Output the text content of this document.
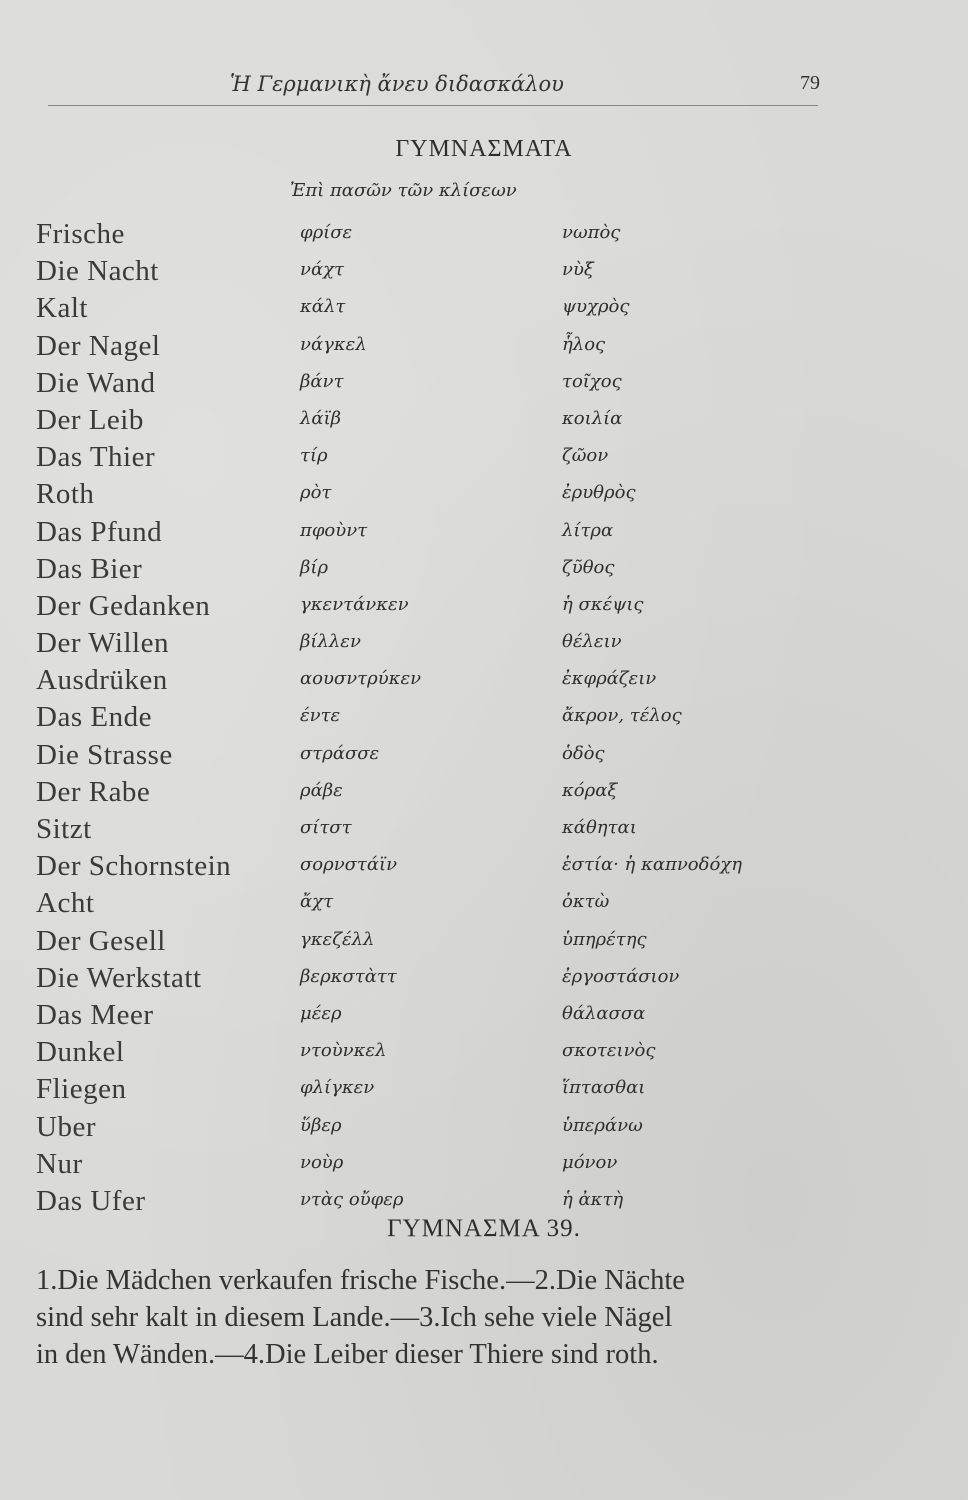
Ἡ Γερμανικὴ ἄνευ διδασκάλου	79
ΓΥΜΝΑΣΜΑΤΑ
Ἐπὶ πασῶν τῶν κλίσεων
Frische	φρίσε	νωπὸς
Die Nacht	νάχτ	νὺξ
Kalt	κάλτ	ψυχρὸς
Der Nagel	νάγκελ	ἧλος
Die Wand	βάντ	τοῖχος
Der Leib	λάϊβ	κοιλία
Das Thier	τίρ	ζῶον
Roth	ρὸτ	ἐρυθρὸς
Das Pfund	πφοὺντ	λίτρα
Das Bier	βίρ	ζῦθος
Der Gedanken	γκεντάνκεν	ἡ σκέψις
Der Willen	βίλλεν	θέλειν
Ausdrüken	αουσντρύκεν	ἐκφράζειν
Das Ende	έντε	ἄκρον, τέλος
Die Strasse	στράσσε	ὁδὸς
Der Rabe	ράβε	κόραξ
Sitzt	σίτστ	κάθηται
Der Schornstein	σορνστάϊν	ἑστία· ἡ καπνοδόχη
Acht	ἄχτ	ὀκτὼ
Der Gesell	γκεζέλλ	ὑπηρέτης
Die Werkstatt	βερκστὰττ	ἐργοστάσιον
Das Meer	μέερ	θάλασσα
Dunkel	ντοὺνκελ	σκοτεινὸς
Fliegen	φλίγκεν	ἵπτασθαι
Uber	ὕβερ	ὑπεράνω
Nur	νοὺρ	μόνον
Das Ufer	ντὰς οὔφερ	ἡ ἀκτὴ
ΓΥΜΝΑΣΜΑ 39.
1.Die Mädchen verkaufen frische Fische.—2.Die Nächte
sind sehr kalt in diesem Lande.—3.Ich sehe viele Nägel
in den Wänden.—4.Die Leiber dieser Thiere sind roth.
